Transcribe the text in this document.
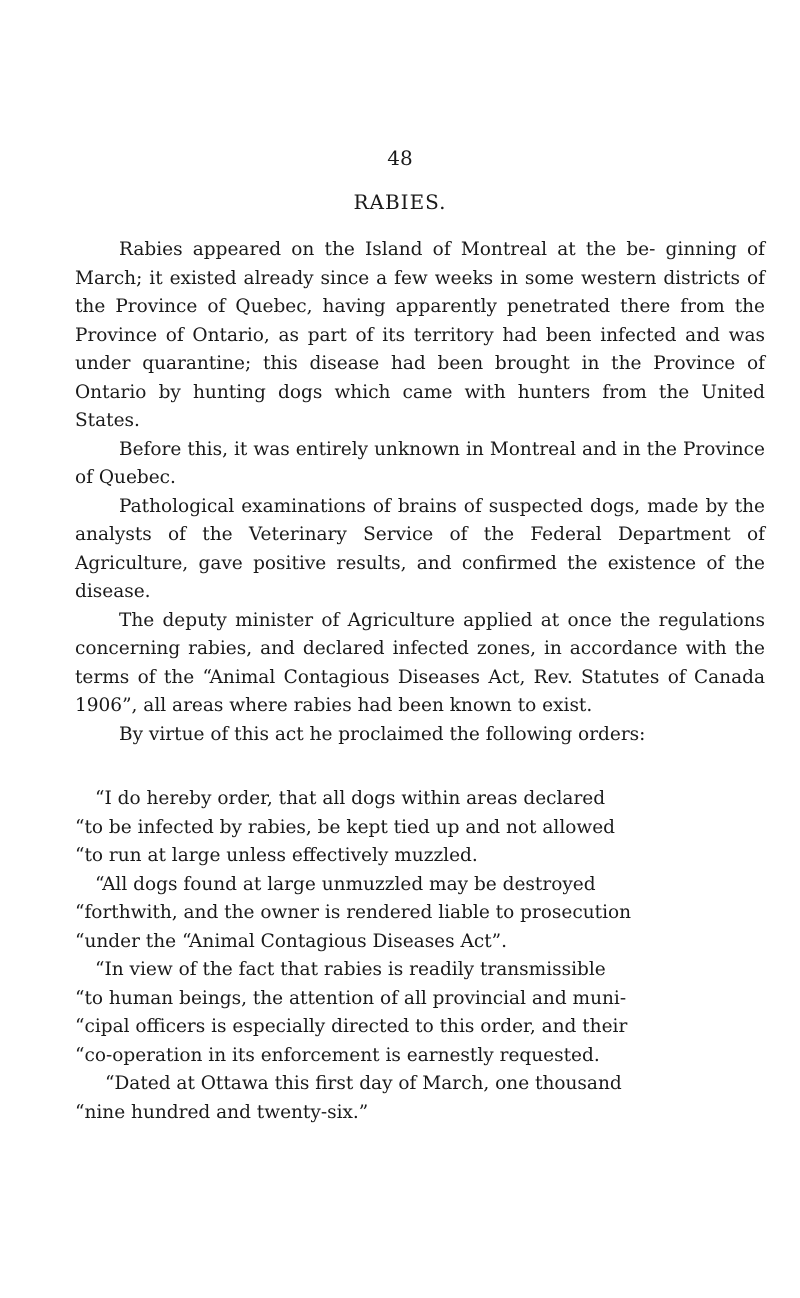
48
RABIES.

Rabies appeared on the Island of Montreal at the be- ginning of March; it existed already since a few weeks in some western districts of the Province of Quebec, having apparently penetrated there from the Province of Ontario, as part of its territory had been infected and was under quarantine; this disease had been brought in the Province of Ontario by hunting dogs which came with hunters from the United States.

Before this, it was entirely unknown in Montreal and in the Province of Quebec.

Pathological examinations of brains of suspected dogs, made by the analysts of the Veterinary Service of the Federal Department of Agriculture, gave positive results, and confirmed the existence of the disease.

The deputy minister of Agriculture applied at once the regulations concerning rabies, and declared infected zones, in accordance with the terms of the “Animal Contagious Diseases Act, Rev. Statutes of Canada 1906”, all areas where rabies had been known to exist.

By virtue of this act he proclaimed the following orders:

“I do hereby order, that all dogs within areas declared
“to be infected by rabies, be kept tied up and not allowed
“to run at large unless effectively muzzled.

“All dogs found at large unmuzzled may be destroyed
“forthwith, and the owner is rendered liable to prosecution
“under the “Animal Contagious Diseases Act”.

“In view of the fact that rabies is readily transmissible
“to human beings, the attention of all provincial and muni-
“cipal officers is especially directed to this order, and their
“co-operation in its enforcement is earnestly requested.

“Dated at Ottawa this first day of March, one thousand
“nine hundred and twenty-six.”
